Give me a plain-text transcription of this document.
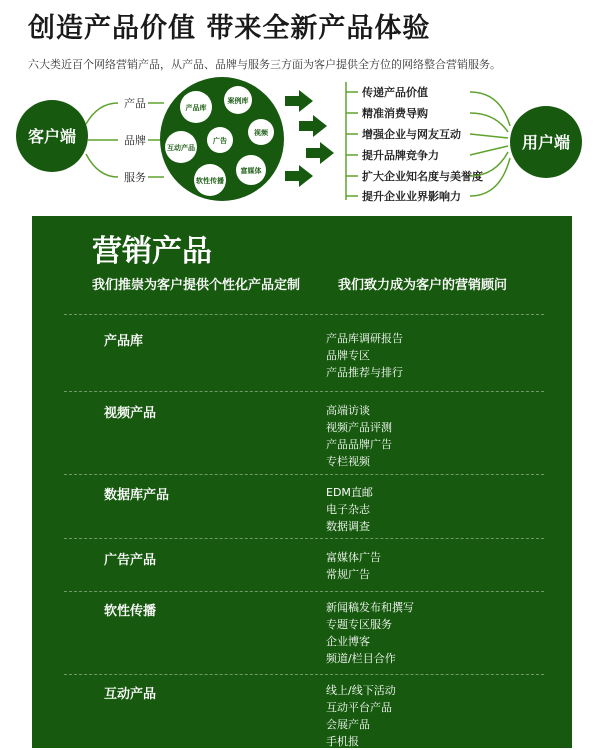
创造产品价值 带来全新产品体验
六大类近百个网络营销产品，从产品、品牌与服务三方面为客户提供全方位的网络整合营销服务。
客户端
产品
品牌
服务
产品库
案例库
视频
广告
互动产品
富媒体
软性传播
传递产品价值
精准消费导购
增强企业与网友互动
提升品牌竞争力
扩大企业知名度与美誉度
提升企业业界影响力
用户端
营销产品
我们推崇为客户提供个性化产品定制	我们致力成为客户的营销顾问
产品库	产品库调研报告
品牌专区
产品推荐与排行
视频产品	高端访谈
视频产品评测
产品品牌广告
专栏视频
数据库产品	EDM直邮
电子杂志
数据调查
广告产品	富媒体广告
常规广告
软性传播	新闻稿发布和撰写
专题专区服务
企业博客
频道/栏目合作
互动产品	线上/线下活动
互动平台产品
会展产品
手机报
